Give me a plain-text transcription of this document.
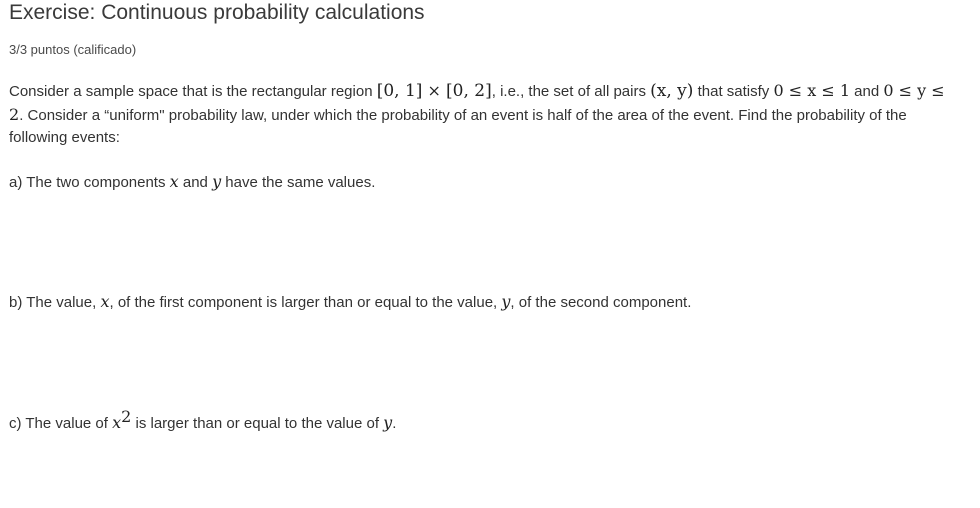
Exercise: Continuous probability calculations
3/3 puntos (calificado)
Consider a sample space that is the rectangular region [0, 1] × [0, 2], i.e., the set of all pairs (x, y) that satisfy 0 ≤ x ≤ 1 and 0 ≤ y ≤ 2. Consider a “uniform" probability law, under which the probability of an event is half of the area of the event. Find the probability of the following events:
a) The two components x and y have the same values.
b) The value, x, of the first component is larger than or equal to the value, y, of the second component.
c) The value of $x^2$ is larger than or equal to the value of y.
